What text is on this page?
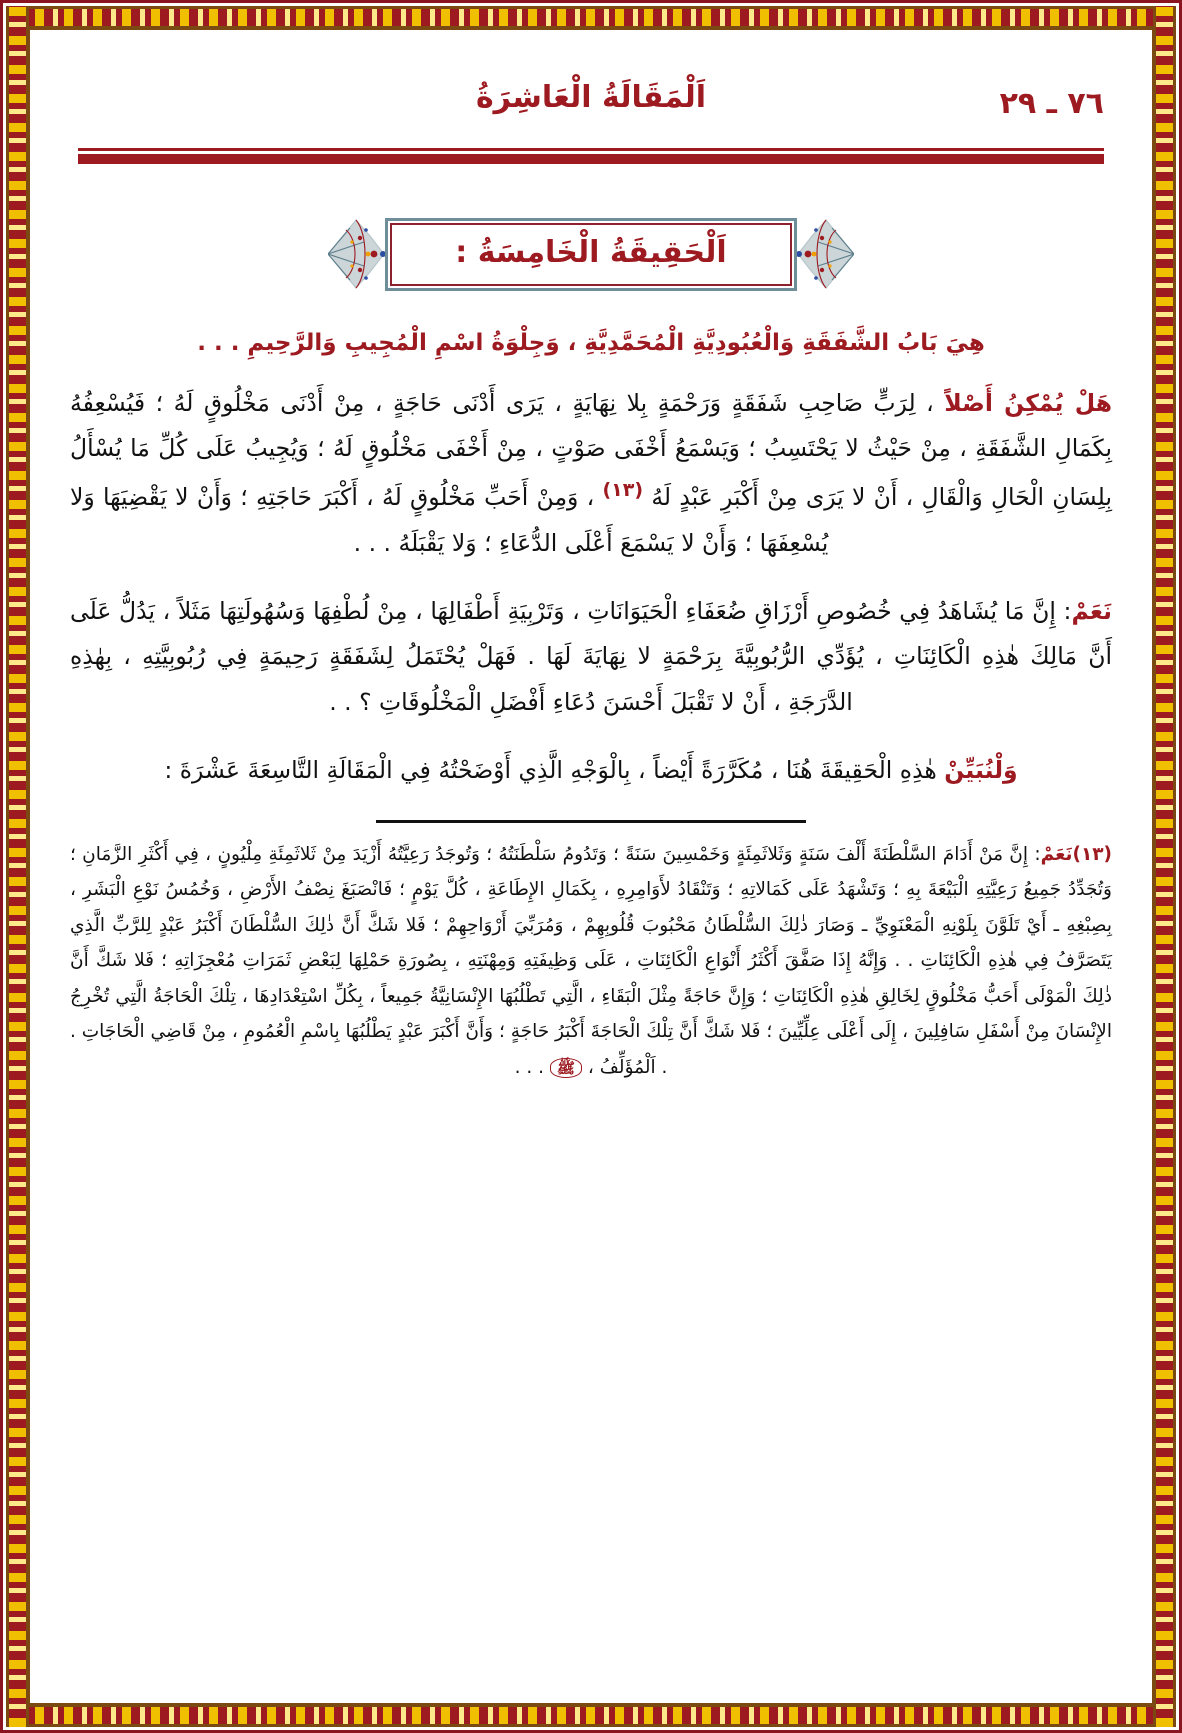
٧٦ ـ ٢٩
اَلْمَقَالَةُ الْعَاشِرَةُ
اَلْحَقِيقَةُ الْخَامِسَةُ :
هِيَ بَابُ الشَّفَقَةِ وَالْعُبُودِيَّةِ الْمُحَمَّدِيَّةِ ، وَجِلْوَةُ اسْمِ الْمُجِيبِ وَالرَّحِيمِ . . .

هَلْ يُمْكِنُ أَصْلاً ، لِرَبٍّ صَاحِبِ شَفَقَةٍ وَرَحْمَةٍ بِلا نِهَايَةٍ ، يَرَى أَدْنَى حَاجَةٍ ، مِنْ أَدْنَى مَخْلُوقٍ لَهُ ؛ فَيُسْعِفُهُ بِكَمَالِ الشَّفَقَةِ ، مِنْ حَيْثُ لا يَحْتَسِبُ ؛ وَيَسْمَعُ أَخْفَى صَوْتٍ ، مِنْ أَخْفَى مَخْلُوقٍ لَهُ ؛ وَيُجِيبُ عَلَى كُلِّ مَا يُسْأَلُ بِلِسَانِ الْحَالِ وَالْقَالِ ، أَنْ لا يَرَى مِنْ أَكْبَرِ عَبْدٍ لَهُ $^{(١٣)}$ ، وَمِنْ أَحَبِّ مَخْلُوقٍ لَهُ ، أَكْبَرَ حَاجَتِهِ ؛ وَأَنْ لا يَقْضِيَهَا وَلا يُسْعِفَهَا ؛ وَأَنْ لا يَسْمَعَ أَعْلَى الدُّعَاءِ ؛ وَلا يَقْبَلَهُ . . .

نَعَمْ: إِنَّ مَا يُشَاهَدُ فِي خُصُوصِ أَرْزَاقِ ضُعَفَاءِ الْحَيَوَانَاتِ ، وَتَرْبِيَةِ أَطْفَالِهَا ، مِنْ لُطْفِهَا وَسُهُولَتِهَا مَثَلاً ، يَدُلُّ عَلَى أَنَّ مَالِكَ هٰذِهِ الْكَائِنَاتِ ، يُؤَدِّي الرُّبُوبِيَّةَ بِرَحْمَةٍ لا نِهَايَةَ لَهَا . فَهَلْ يُحْتَمَلُ لِشَفَقَةٍ رَحِيمَةٍ فِي رُبُوبِيَّتِهِ ، بِهٰذِهِ الدَّرَجَةِ ، أَنْ لا تَقْبَلَ أَحْسَنَ دُعَاءِ أَفْضَلِ الْمَخْلُوقَاتِ ؟ . .

وَلْنُبَيِّنْ هٰذِهِ الْحَقِيقَةَ هُنَا ، مُكَرَّرَةً أَيْضاً ، بِالْوَجْهِ الَّذِي أَوْضَحْتُهُ فِي الْمَقَالَةِ التَّاسِعَةَ عَشْرَةَ :

(١٣)نَعَمْ: إِنَّ مَنْ أَدَامَ السَّلْطَنَةَ أَلْفَ سَنَةٍ وَثَلاثَمِئَةٍ وَخَمْسِينَ سَنَةً ؛ وَتَدُومُ سَلْطَنَتُهُ ؛ وَتُوجَدُ رَعِيَّتُهُ أَزْيَدَ مِنْ ثَلاثَمِئَةِ مِلْيُونٍ ، فِي أَكْثَرِ الزَّمَانِ ؛ وَتُجَدِّدُ جَمِيعُ رَعِيَّتِهِ الْبَيْعَةَ بِهِ ؛ وَتَشْهَدُ عَلَى كَمَالاتِهِ ؛ وَتَنْقَادُ لأَوَامِرِهِ ، بِكَمَالِ الإِطَاعَةِ ، كُلَّ يَوْمٍ ؛ فَانْصَبَغَ نِصْفُ الأَرْضِ ، وَخُمُسُ نَوْعِ الْبَشَرِ ، بِصِبْغِهِ ـ أَيْ تَلَوَّنَ بِلَوْنِهِ الْمَعْنَوِيِّ ـ وَصَارَ ذٰلِكَ السُّلْطَانُ مَحْبُوبَ قُلُوبِهِمْ ، وَمُرَبِّيَ أَرْوَاحِهِمْ ؛ فَلا شَكَّ أَنَّ ذٰلِكَ السُّلْطَانَ أَكْبَرُ عَبْدٍ لِلرَّبِّ الَّذِي يَتَصَرَّفُ فِي هٰذِهِ الْكَائِنَاتِ . . وَإِنَّهُ إِذَا صَفَّقَ أَكْثَرُ أَنْوَاعِ الْكَائِنَاتِ ، عَلَى وَظِيفَتِهِ وَمِهْنَتِهِ ، بِصُورَةِ حَمْلِهَا لِبَعْضِ ثَمَرَاتِ مُعْجِزَاتِهِ ؛ فَلا شَكَّ أَنَّ ذٰلِكَ الْمَوْلَى أَحَبُّ مَخْلُوقٍ لِخَالِقِ هٰذِهِ الْكَائِنَاتِ ؛ وَإِنَّ حَاجَةً مِثْلَ الْبَقَاءِ ، الَّتِي تَطْلُبُهَا الإِنْسَانِيَّةُ جَمِيعاً ، بِكُلِّ اسْتِعْدَادِهَا ، تِلْكَ الْحَاجَةُ الَّتِي تُخْرِجُ الإِنْسَانَ مِنْ أَسْفَلِ سَافِلِينَ ، إِلَى أَعْلَى عِلِّيِّينَ ؛ فَلا شَكَّ أَنَّ تِلْكَ الْحَاجَةَ أَكْبَرُ حَاجَةٍ ؛ وَأَنَّ أَكْبَرَ عَبْدٍ يَطْلُبُهَا بِاسْمِ الْعُمُومِ ، مِنْ قَاضِي الْحَاجَاتِ . . اَلْمُؤَلِّفُ ، ﷺ . . .
